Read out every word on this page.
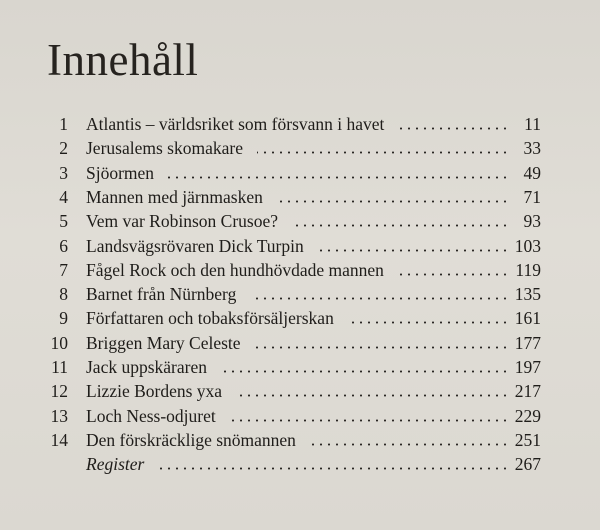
Innehåll
1 Atlantis – världsriket som försvann i havet	11
2 Jerusalems skomakare	33
3 Sjöormen	49
4 Mannen med järnmasken	71
5 Vem var Robinson Crusoe?	93
6 Landsvägsrövaren Dick Turpin	103
7 Fågel Rock och den hundhövdade mannen	119
8 Barnet från Nürnberg	135
9 Författaren och tobaksförsäljerskan	161
10 Briggen Mary Celeste	177
11 Jack uppskäraren	197
12 Lizzie Bordens yxa	217
13 Loch Ness-odjuret	229
14 Den förskräcklige snömannen	251
Register	267
